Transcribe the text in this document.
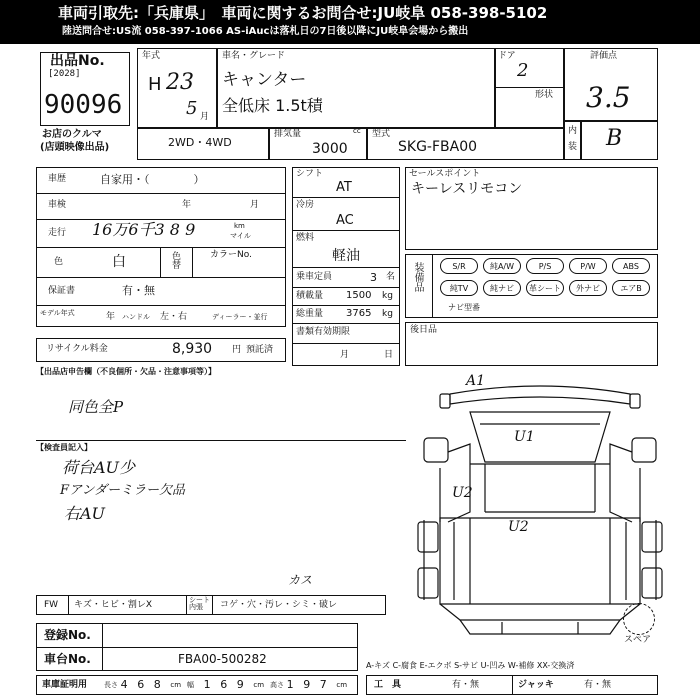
車両引取先:「兵庫県」　車両に関するお問合せ:JU岐阜 058-398-5102
陸送問合せ:US流 058-397-1066 AS-iAucは落札日の7日後以降にJU岐阜会場から搬出
出品No.
[2028]
90096
お店のクルマ
(店頭映像出品)
年式
H 23
5 月
車名・グレード
キャンター
全低床 1.5t積
ドア
2
形状
評価点
3.5
内
装 B
2WD・4WD
排気量	cc
3000
型式
SKG-FBA00
車歴	自家用・（　　　　）
車検	年	月
走行 16万6千3 8 9	km
マイル
色	白	色替	カラーNo.
保証書	有・無
モデル年式	年 ハンドル 左・右	ディーラー・並行
リサイクル料金	8,930 円 預託済
シフト
AT
冷房
AC
燃料
軽油
乗車定員	3 名
積載量 1500 kg
総重量 3765 kg
書類有効期限
月	日
セールスポイント
キーレスリモコン
装備品	S/R	純A/W	P/S	P/W	ABS
純TV	純ナビ	革シート	外ナビ	エアB
ナビ型番
後日品
【出品店申告欄（不良個所・欠品・注意事項等）】
同色全P
【検査員記入】
荷台AU少
Fアンダーミラー欠品
右AU
A1
U1
U2
U2
スペア
FW キズ・ヒビ・割レX	シート内張	コゲ・穴・汚レ・シミ・破レ
カス
登録No.
車台No.	FBA00-500282
車庫証明用 長さ 4 6 8 cm 幅 1 6 9 cm 高さ 1 9 7 cm
A-キズ C-腐食 E-エクボ S-サビ U-凹み W-補修 XX-交換済
工　具	有・無	ジャッキ	有・無
